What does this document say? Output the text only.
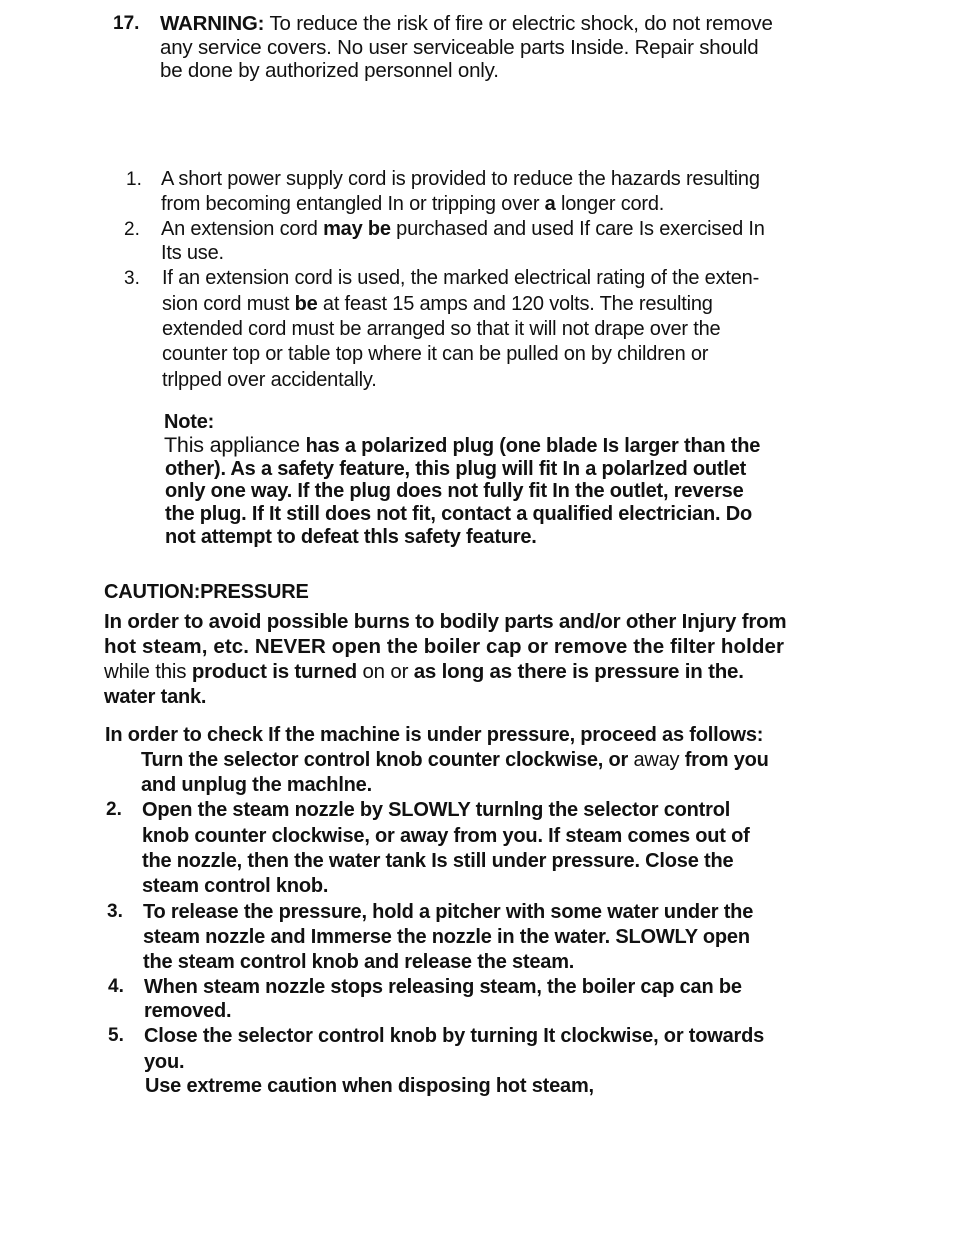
17. WARNING: To reduce the risk of fire or electric shock, do not remove
any service covers. No user serviceable parts Inside. Repair should
be done by authorized personnel only.
1. A short power supply cord is provided to reduce the hazards resulting
from becoming entangled In or tripping over a longer cord.
2. An extension cord may be purchased and used If care Is exercised In
Its use.
3. If an extension cord is used, the marked electrical rating of the exten-
sion cord must be at feast 15 amps and 120 volts. The resulting
extended cord must be arranged so that it will not drape over the
counter top or table top where it can be pulled on by children or
trlpped over accidentally.
Note:
This appliance has a polarized plug (one blade Is larger than the
other). As a safety feature, this plug will fit In a polarlzed outlet
only one way. If the plug does not fully fit In the outlet, reverse
the plug. If It still does not fit, contact a qualified electrician. Do
not attempt to defeat thls safety feature.
CAUTION:PRESSURE
In order to avoid possible burns to bodily parts and/or other Injury from
hot steam, etc. NEVER open the boiler cap or remove the filter holder
while this product is turned on or as long as there is pressure in the.
water tank.
In order to check If the machine is under pressure, proceed as follows:
Turn the selector control knob counter clockwise, or away from you
and unplug the machlne.
2. Open the steam nozzle by SLOWLY turnlng the selector control
knob counter clockwise, or away from you. If steam comes out of
the nozzle, then the water tank Is still under pressure. Close the
steam control knob.
3. To release the pressure, hold a pitcher with some water under the
steam nozzle and Immerse the nozzle in the water. SLOWLY open
the steam control knob and release the steam.
4. When steam nozzle stops releasing steam, the boiler cap can be
removed.
5. Close the selector control knob by turning It clockwise, or towards
you.
Use extreme caution when disposing hot steam,
